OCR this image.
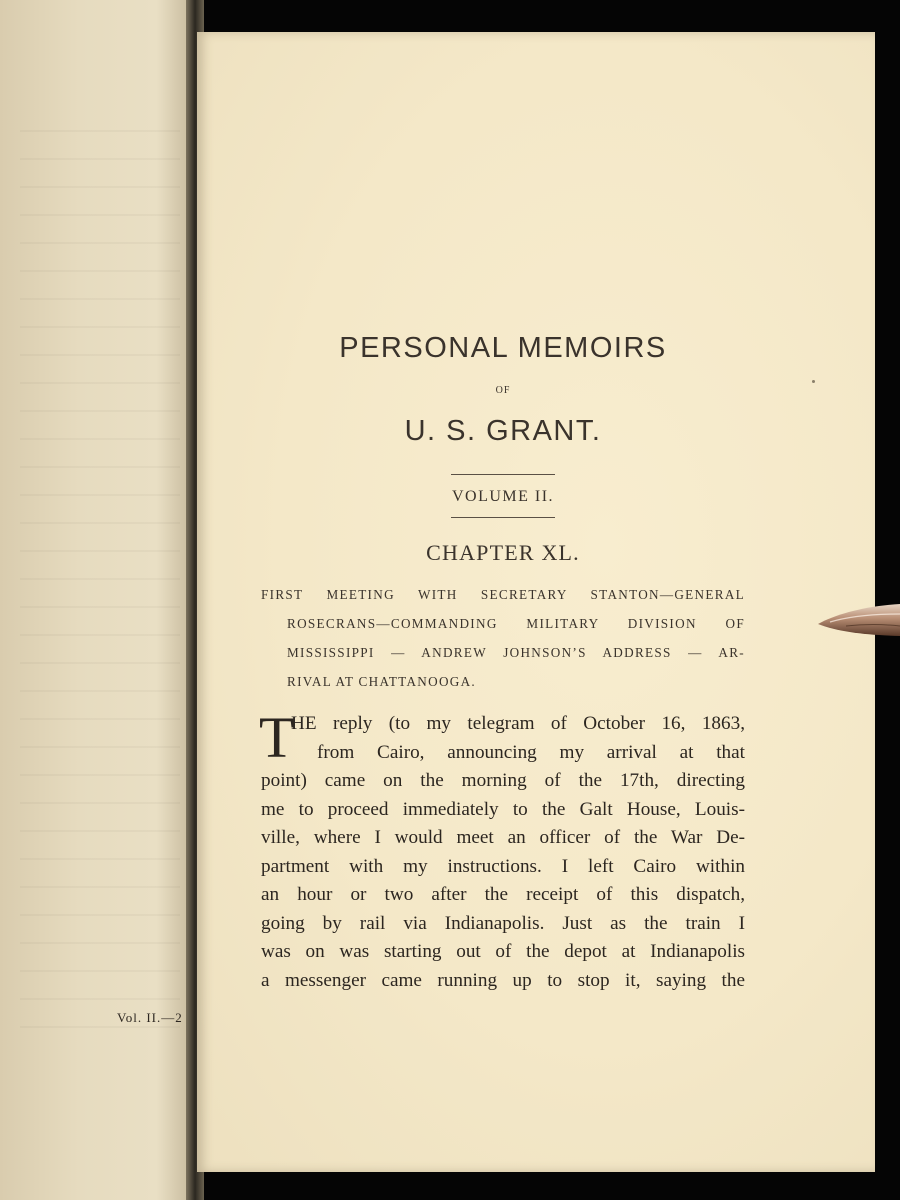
PERSONAL MEMOIRS
OF
U. S. GRANT.
VOLUME II.
CHAPTER XL.
FIRST MEETING WITH SECRETARY STANTON—GENERAL
ROSECRANS—COMMANDING MILITARY DIVISION OF
MISSISSIPPI — ANDREW JOHNSON’S ADDRESS — AR-
RIVAL AT CHATTANOOGA.
T
HE reply (to my telegram of October 16, 1863,
from Cairo, announcing my arrival at that
point) came on the morning of the 17th, directing
me to proceed immediately to the Galt House, Louis-
ville, where I would meet an officer of the War De-
partment with my instructions. I left Cairo within
an hour or two after the receipt of this dispatch,
going by rail via Indianapolis. Just as the train I
was on was starting out of the depot at Indianapolis
a messenger came running up to stop it, saying the
Vol. II.—2
